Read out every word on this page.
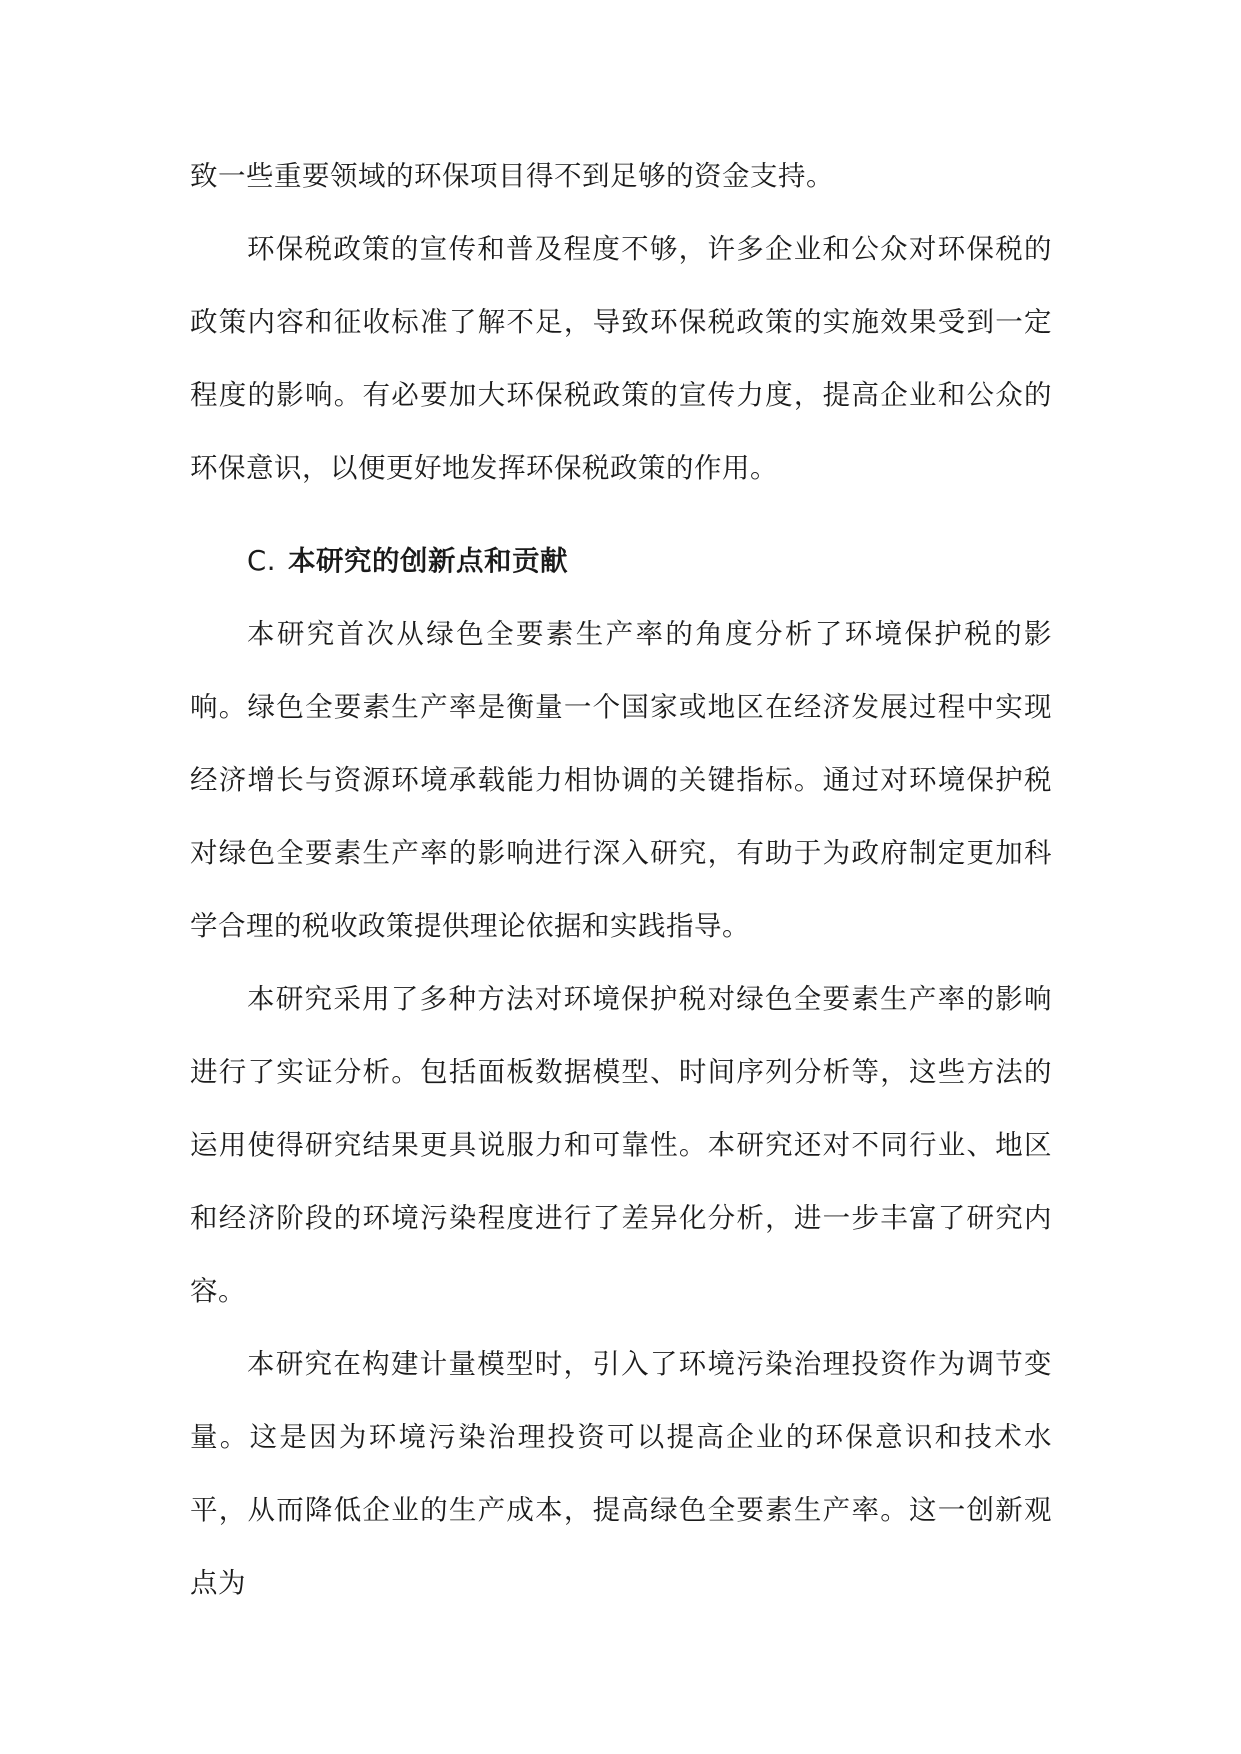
致一些重要领域的环保项目得不到足够的资金支持。

环保税政策的宣传和普及程度不够，许多企业和公众对环保税的政策内容和征收标准了解不足，导致环保税政策的实施效果受到一定程度的影响。有必要加大环保税政策的宣传力度，提高企业和公众的环保意识，以便更好地发挥环保税政策的作用。

C. 本研究的创新点和贡献

本研究首次从绿色全要素生产率的角度分析了环境保护税的影响。绿色全要素生产率是衡量一个国家或地区在经济发展过程中实现经济增长与资源环境承载能力相协调的关键指标。通过对环境保护税对绿色全要素生产率的影响进行深入研究，有助于为政府制定更加科学合理的税收政策提供理论依据和实践指导。

本研究采用了多种方法对环境保护税对绿色全要素生产率的影响进行了实证分析。包括面板数据模型、时间序列分析等，这些方法的运用使得研究结果更具说服力和可靠性。本研究还对不同行业、地区和经济阶段的环境污染程度进行了差异化分析，进一步丰富了研究内容。

本研究在构建计量模型时，引入了环境污染治理投资作为调节变量。这是因为环境污染治理投资可以提高企业的环保意识和技术水平，从而降低企业的生产成本，提高绿色全要素生产率。这一创新观点为
